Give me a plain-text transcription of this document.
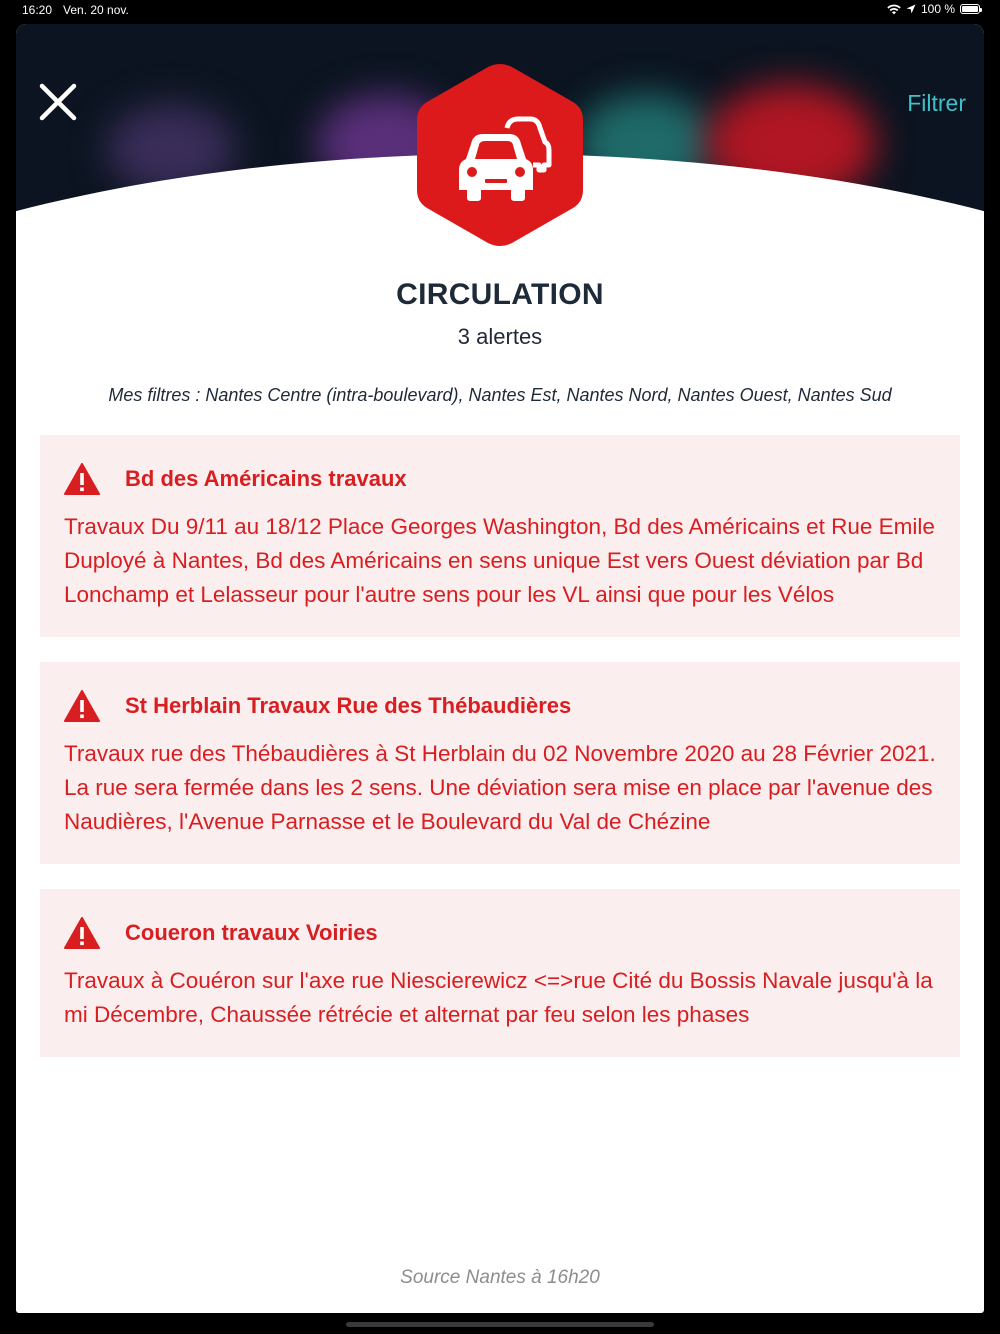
16:20 Ven. 20 nov.	100 %
Filtrer
CIRCULATION
3 alertes
Mes filtres : Nantes Centre (intra-boulevard), Nantes Est, Nantes Nord, Nantes Ouest, Nantes Sud
Bd des Américains travaux
Travaux Du 9/11 au 18/12 Place Georges Washington, Bd des Américains et Rue Emile Duployé à Nantes, Bd des Américains en sens unique Est vers Ouest déviation par Bd Lonchamp et Lelasseur pour l'autre sens pour les VL ainsi que pour les Vélos
St Herblain Travaux Rue des Thébaudières
Travaux rue des Thébaudières à St Herblain du 02 Novembre 2020 au 28 Février 2021. La rue sera fermée dans les 2 sens. Une déviation sera mise en place par l'avenue des Naudières, l'Avenue Parnasse et le Boulevard du Val de Chézine
Coueron travaux Voiries
Travaux à Couéron sur l'axe rue Niescierewicz <=>rue Cité du Bossis Navale jusqu'à la mi Décembre, Chaussée rétrécie et alternat par feu selon les phases
Source Nantes à 16h20
